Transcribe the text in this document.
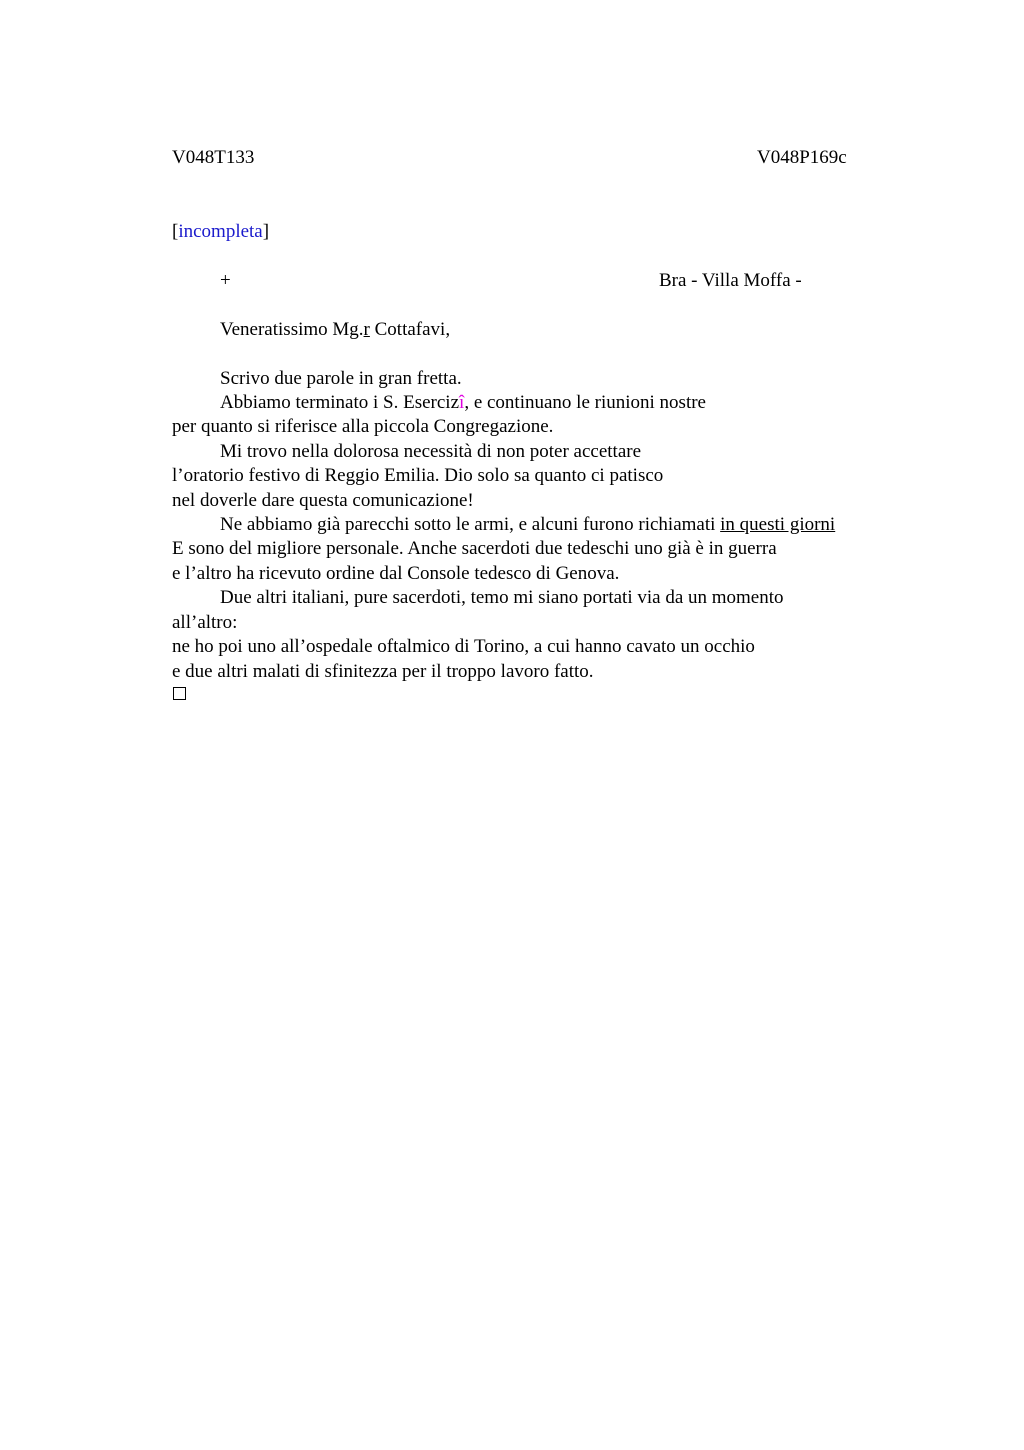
V048T133	V048P169c
[incompleta]
+	Bra - Villa Moffa -
Veneratissimo Mg.r Cottafavi,
Scrivo due parole in gran fretta.
Abbiamo terminato i S. Esercizî, e continuano le riunioni nostre
per quanto si riferisce alla piccola Congregazione.
Mi trovo nella dolorosa necessità di non poter accettare
l’oratorio festivo di Reggio Emilia. Dio solo sa quanto ci patisco
nel doverle dare questa comunicazione!
Ne abbiamo già parecchi sotto le armi, e alcuni furono richiamati in questi giorni
E sono del migliore personale. Anche sacerdoti due tedeschi uno già è in guerra
e l’altro ha ricevuto ordine dal Console tedesco di Genova.
Due altri italiani, pure sacerdoti, temo mi siano portati via da un momento
all’altro:
ne ho poi uno all’ospedale oftalmico di Torino, a cui hanno cavato un occhio
e due altri malati di sfinitezza per il troppo lavoro fatto.
